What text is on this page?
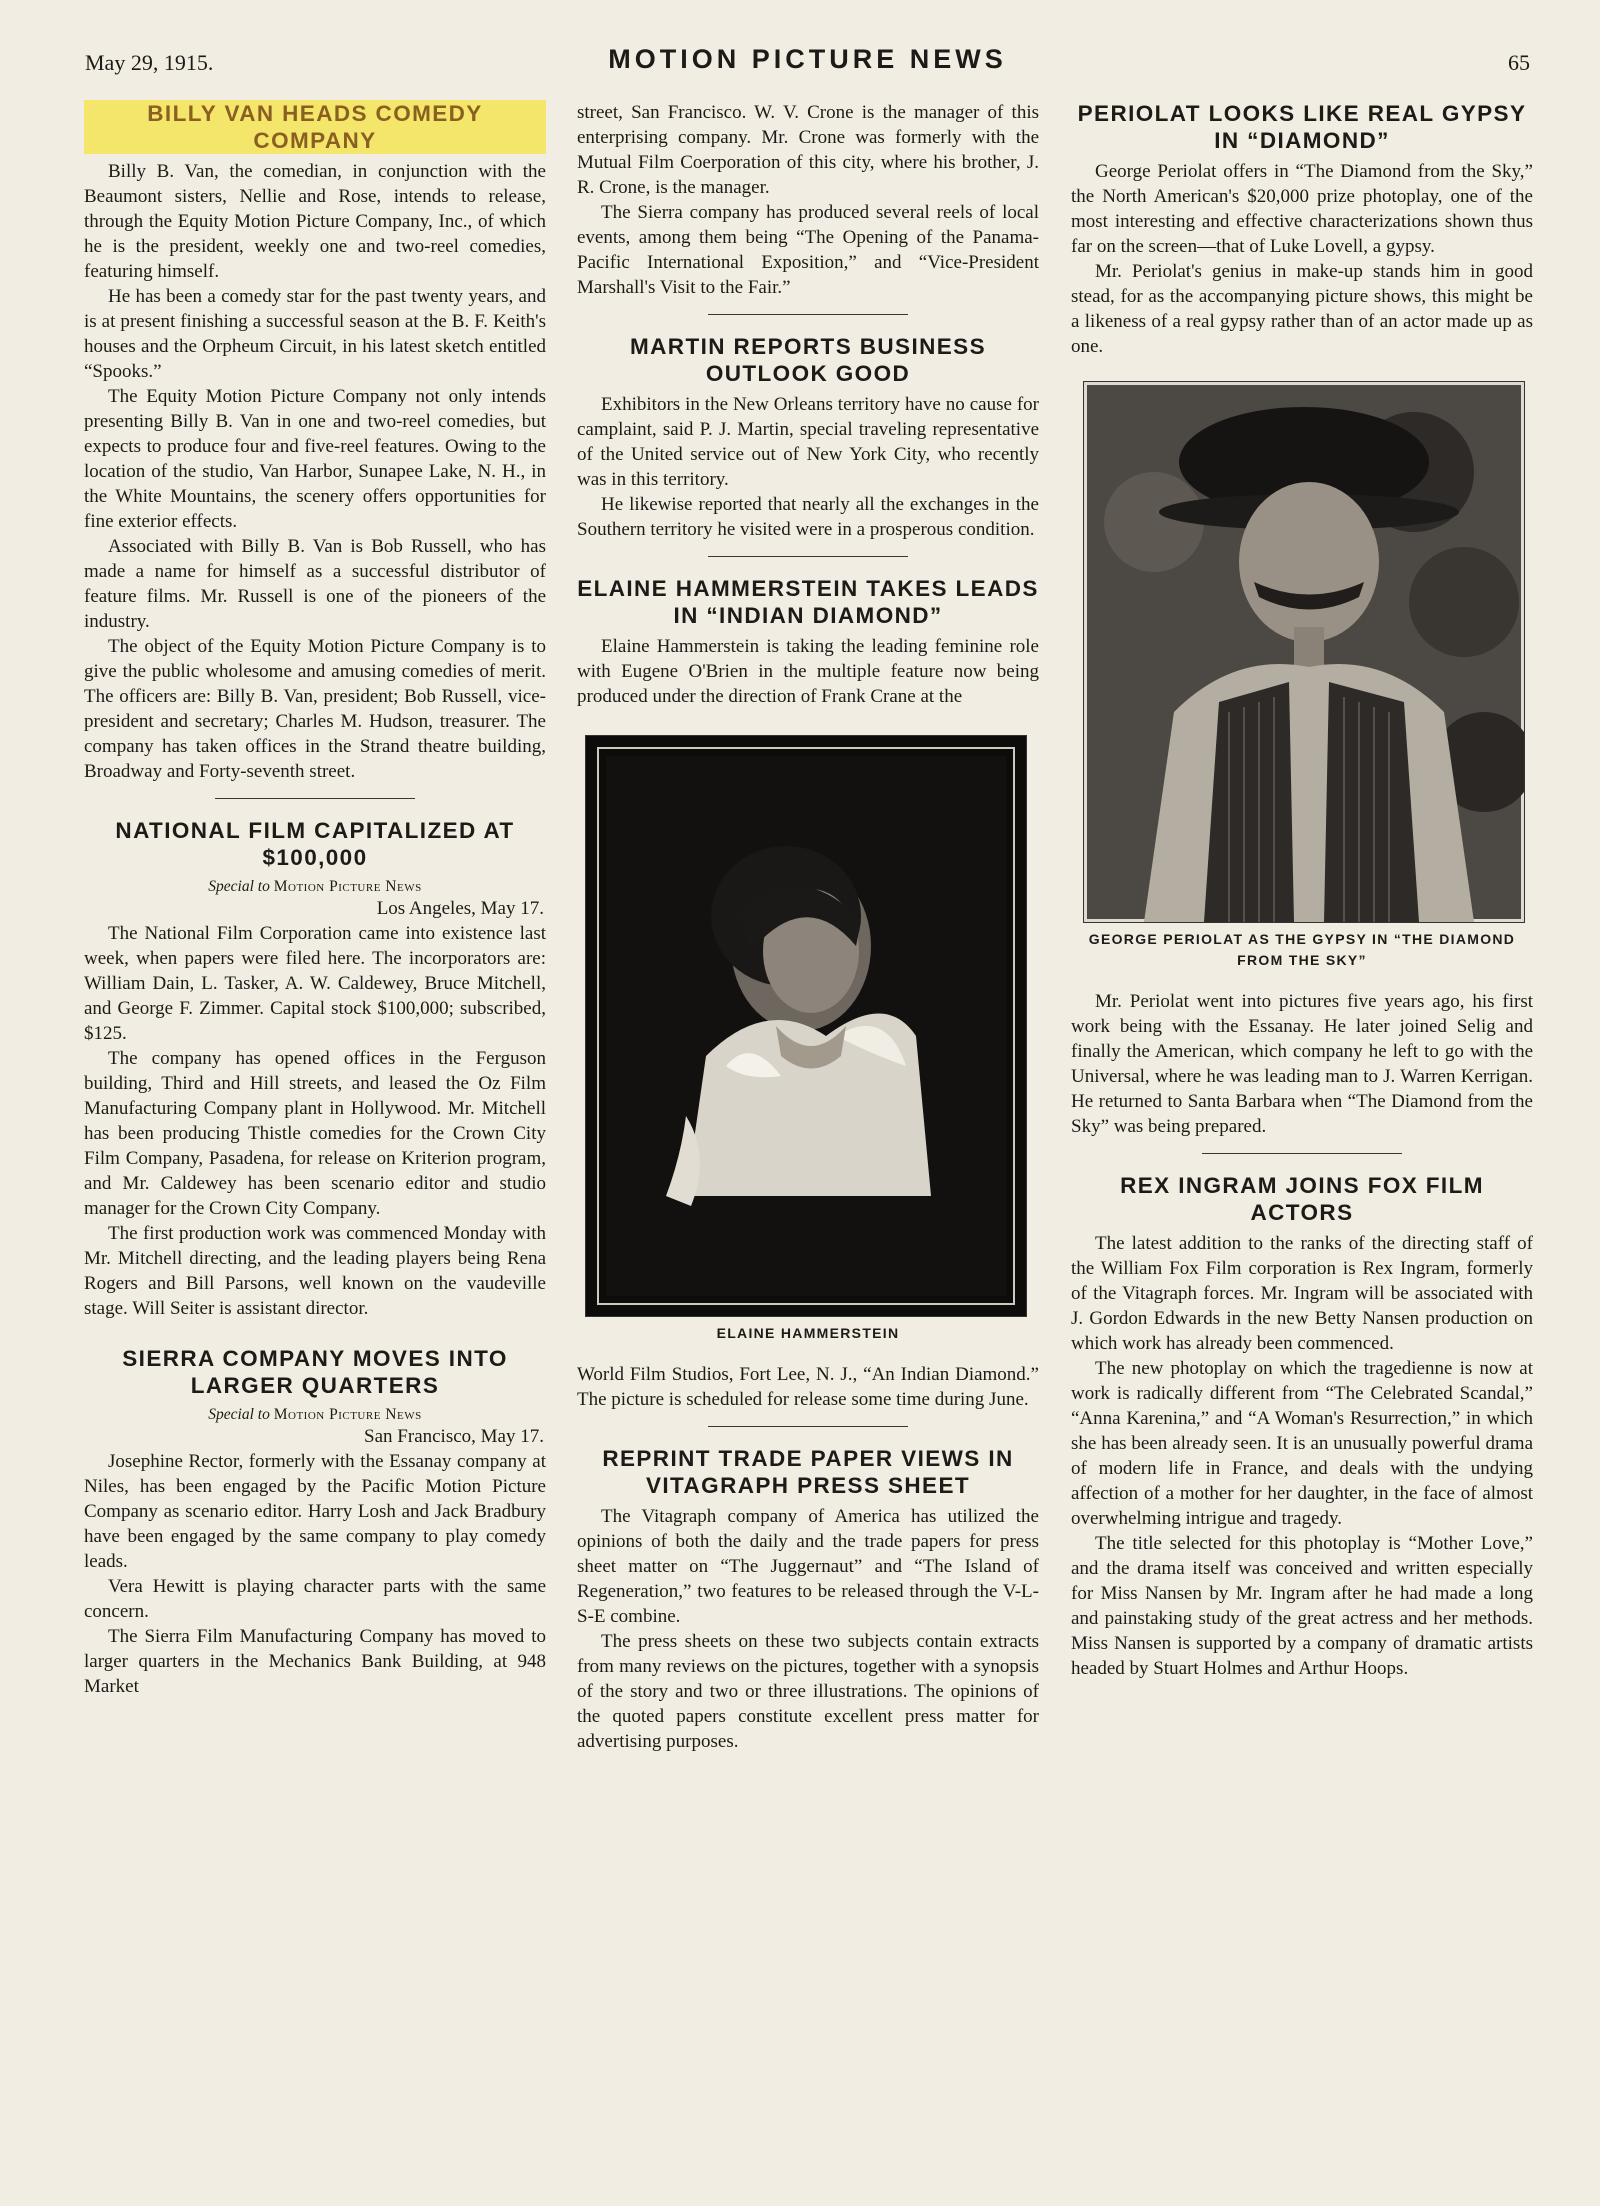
May 29, 1915.	MOTION PICTURE NEWS	65
BILLY VAN HEADS COMEDY COMPANY

Billy B. Van, the comedian, in conjunction with the Beaumont sisters, Nellie and Rose, intends to release, through the Equity Motion Picture Company, Inc., of which he is the president, weekly one and two-reel comedies, featuring himself.

He has been a comedy star for the past twenty years, and is at present finishing a successful season at the B. F. Keith's houses and the Orpheum Circuit, in his latest sketch entitled “Spooks.”

The Equity Motion Picture Company not only intends presenting Billy B. Van in one and two-reel comedies, but expects to produce four and five-reel features. Owing to the location of the studio, Van Harbor, Sunapee Lake, N. H., in the White Mountains, the scenery offers opportunities for fine exterior effects.

Associated with Billy B. Van is Bob Russell, who has made a name for himself as a successful distributor of feature films. Mr. Russell is one of the pioneers of the industry.

The object of the Equity Motion Picture Company is to give the public wholesome and amusing comedies of merit. The officers are: Billy B. Van, president; Bob Russell, vice-president and secretary; Charles M. Hudson, treasurer. The company has taken offices in the Strand theatre building, Broadway and Forty-seventh street.

NATIONAL FILM CAPITALIZED AT $100,000
Special to Motion Picture News
Los Angeles, May 17.

The National Film Corporation came into existence last week, when papers were filed here. The incorporators are: William Dain, L. Tasker, A. W. Caldewey, Bruce Mitchell, and George F. Zimmer. Capital stock $100,000; subscribed, $125.

The company has opened offices in the Ferguson building, Third and Hill streets, and leased the Oz Film Manufacturing Company plant in Hollywood. Mr. Mitchell has been producing Thistle comedies for the Crown City Film Company, Pasadena, for release on Kriterion program, and Mr. Caldewey has been scenario editor and studio manager for the Crown City Company.

The first production work was commenced Monday with Mr. Mitchell directing, and the leading players being Rena Rogers and Bill Parsons, well known on the vaudeville stage. Will Seiter is assistant director.

SIERRA COMPANY MOVES INTO LARGER QUARTERS
Special to Motion Picture News
San Francisco, May 17.

Josephine Rector, formerly with the Essanay company at Niles, has been engaged by the Pacific Motion Picture Company as scenario editor. Harry Losh and Jack Bradbury have been engaged by the same company to play comedy leads.

Vera Hewitt is playing character parts with the same concern.

The Sierra Film Manufacturing Company has moved to larger quarters in the Mechanics Bank Building, at 948 Market

street, San Francisco. W. V. Crone is the manager of this enterprising company. Mr. Crone was formerly with the Mutual Film Coerporation of this city, where his brother, J. R. Crone, is the manager.

The Sierra company has produced several reels of local events, among them being “The Opening of the Panama-Pacific International Exposition,” and “Vice-President Marshall's Visit to the Fair.”

MARTIN REPORTS BUSINESS OUTLOOK GOOD

Exhibitors in the New Orleans territory have no cause for camplaint, said P. J. Martin, special traveling representative of the United service out of New York City, who recently was in this territory.

He likewise reported that nearly all the exchanges in the Southern territory he visited were in a prosperous condition.

ELAINE HAMMERSTEIN TAKES LEADS IN “INDIAN DIAMOND”

Elaine Hammerstein is taking the leading feminine role with Eugene O'Brien in the multiple feature now being produced under the direction of Frank Crane at the

ELAINE HAMMERSTEIN

World Film Studios, Fort Lee, N. J., “An Indian Diamond.” The picture is scheduled for release some time during June.

REPRINT TRADE PAPER VIEWS IN VITAGRAPH PRESS SHEET

The Vitagraph company of America has utilized the opinions of both the daily and the trade papers for press sheet matter on “The Juggernaut” and “The Island of Regeneration,” two features to be released through the V-L-S-E combine.

The press sheets on these two subjects contain extracts from many reviews on the pictures, together with a synopsis of the story and two or three illustrations. The opinions of the quoted papers constitute excellent press matter for advertising purposes.

PERIOLAT LOOKS LIKE REAL GYPSY IN “DIAMOND”

George Periolat offers in “The Diamond from the Sky,” the North American's $20,000 prize photoplay, one of the most interesting and effective characterizations shown thus far on the screen—that of Luke Lovell, a gypsy.

Mr. Periolat's genius in make-up stands him in good stead, for as the accompanying picture shows, this might be a likeness of a real gypsy rather than of an actor made up as one.

GEORGE PERIOLAT AS THE GYPSY IN “THE DIAMOND FROM THE SKY”

Mr. Periolat went into pictures five years ago, his first work being with the Essanay. He later joined Selig and finally the American, which company he left to go with the Universal, where he was leading man to J. Warren Kerrigan. He returned to Santa Barbara when “The Diamond from the Sky” was being prepared.

REX INGRAM JOINS FOX FILM ACTORS

The latest addition to the ranks of the directing staff of the William Fox Film corporation is Rex Ingram, formerly of the Vitagraph forces. Mr. Ingram will be associated with J. Gordon Edwards in the new Betty Nansen production on which work has already been commenced.

The new photoplay on which the tragedienne is now at work is radically different from “The Celebrated Scandal,” “Anna Karenina,” and “A Woman's Resurrection,” in which she has been already seen. It is an unusually powerful drama of modern life in France, and deals with the undying affection of a mother for her daughter, in the face of almost overwhelming intrigue and tragedy.

The title selected for this photoplay is “Mother Love,” and the drama itself was conceived and written especially for Miss Nansen by Mr. Ingram after he had made a long and painstaking study of the great actress and her methods. Miss Nansen is supported by a company of dramatic artists headed by Stuart Holmes and Arthur Hoops.
